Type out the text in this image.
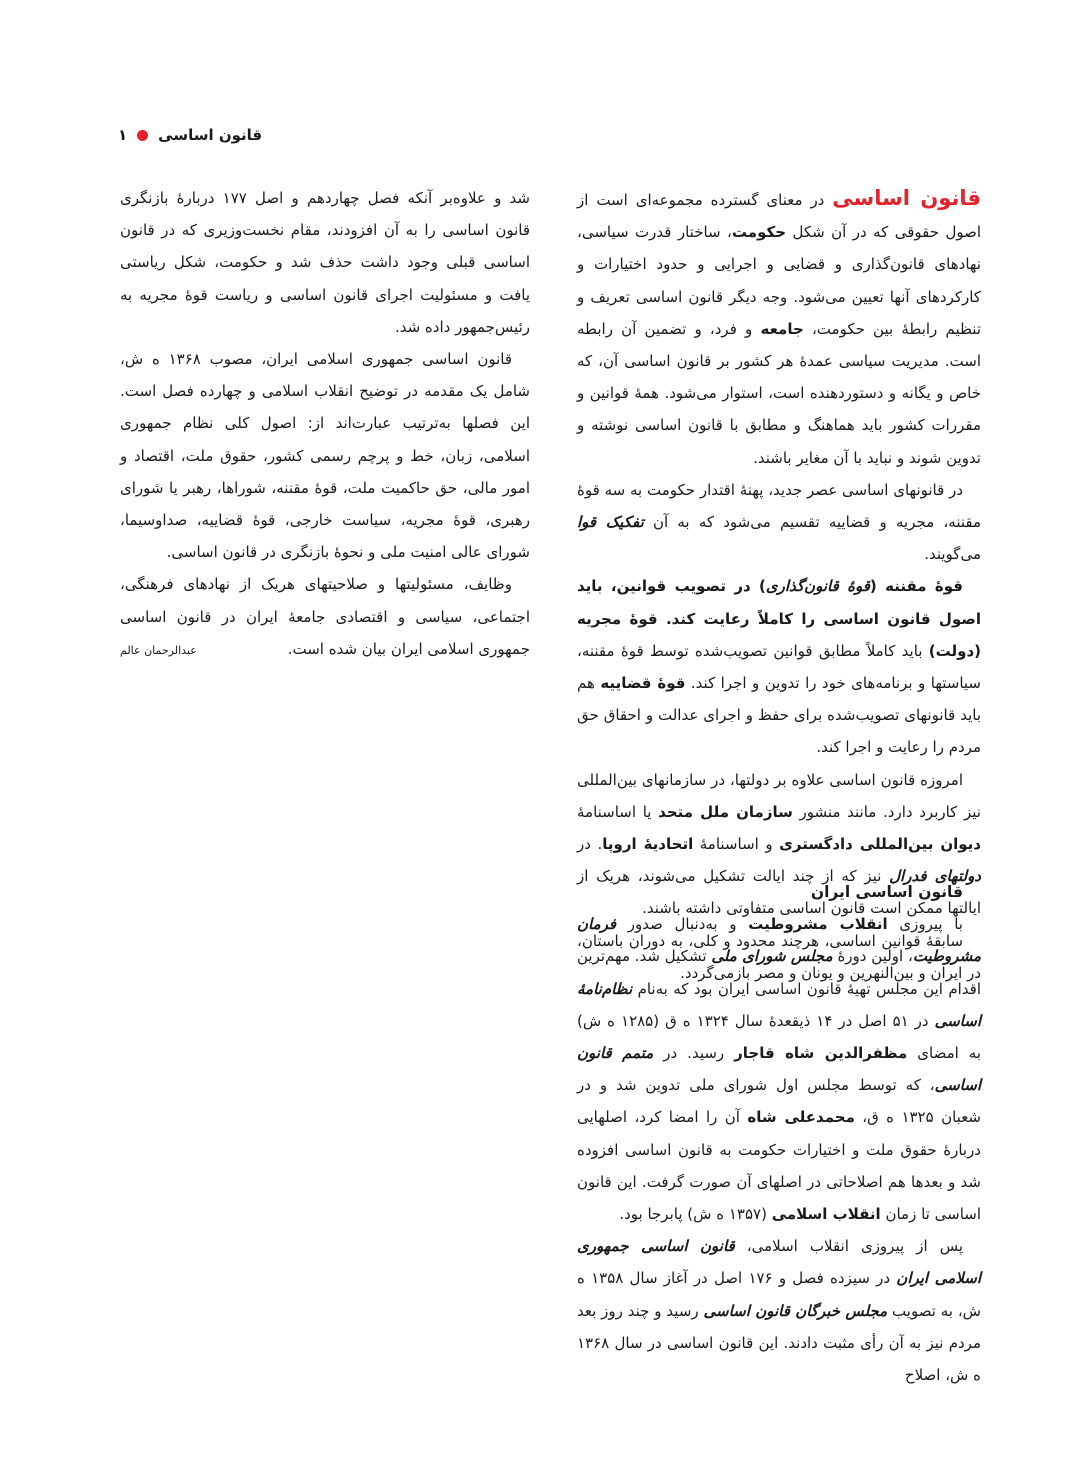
قانون اساسی
۱

قانون اساسی در معنای گسترده مجموعه‌ای است از اصول حقوقی که در آن شکل حکومت، ساختار قدرت سیاسی، نهادهای قانون‌گذاری و قضایی و اجرایی و حدود اختیارات و کارکردهای آنها تعیین می‌شود. وجه دیگر قانون اساسی تعریف و تنظیم رابطهٔ بین حکومت، جامعه و فرد، و تضمین آن رابطه است. مدیریت سیاسی عمدهٔ هر کشور بر قانون اساسی آن، که خاص و یگانه و دستوردهنده است، استوار می‌شود. همهٔ قوانین و مقررات کشور باید هماهنگ و مطابق با قانون اساسی نوشته و تدوین شوند و نباید با آن مغایر باشند.

در قانونهای اساسی عصر جدید، پهنهٔ اقتدار حکومت به سه قوهٔ مقننه، مجریه و قضاییه تقسیم می‌شود که به آن تفکیک قوا می‌گویند.

قوهٔ مقننه (قوهٔ قانون‌گذاری) در تصویب قوانین، باید اصول قانون اساسی را کاملاً رعایت کند. قوهٔ مجریه (دولت) باید کاملاً مطابق قوانین تصویب‌شده توسط قوهٔ مقننه، سیاستها و برنامه‌های خود را تدوین و اجرا کند. قوهٔ قضاییه هم باید قانونهای تصویب‌شده برای حفظ و اجرای عدالت و احقاق حق مردم را رعایت و اجرا کند.

امروزه قانون اساسی علاوه بر دولتها، در سازمانهای بین‌المللی نیز کاربرد دارد. مانند منشور سازمان ملل متحد یا اساسنامهٔ دیوان بین‌المللی دادگستری و اساسنامهٔ اتحادیهٔ اروپا. در دولتهای فدرال نیز که از چند ایالت تشکیل می‌شوند، هریک از ایالتها ممکن است قانون اساسی متفاوتی داشته باشند.

سابقهٔ قوانین اساسی، هرچند محدود و کلی، به دوران باستان، در ایران و بین‌النهرین و یونان و مصر بازمی‌گردد.

قانون اساسی ایران

با پیروزی انقلاب مشروطیت و به‌دنبال صدور فرمان مشروطیت، اولین دورهٔ مجلس شورای ملی تشکیل شد. مهم‌ترین اقدام این مجلس تهیهٔ قانون اساسی ایران بود که به‌نام نظام‌نامهٔ اساسی در ۵۱ اصل در ۱۴ ذیقعدهٔ سال ۱۳۲۴ ه‌ ق (۱۲۸۵ ه‌ ش) به امضای مظفرالدین شاه قاجار رسید. در متمم قانون اساسی، که توسط مجلس اول شورای ملی تدوین شد و در شعبان ۱۳۲۵ ه‌ ق، محمدعلی شاه آن را امضا کرد، اصلهایی دربارهٔ حقوق ملت و اختیارات حکومت به قانون اساسی افزوده شد و بعدها هم اصلاحاتی در اصلهای آن صورت گرفت. این قانون اساسی تا زمان انقلاب اسلامی (۱۳۵۷ ه‌ ش) پابرجا بود.

پس از پیروزی انقلاب اسلامی، قانون اساسی جمهوری اسلامی ایران در سیزده فصل و ۱۷۶ اصل در آغاز سال ۱۳۵۸ ه‌ ش، به تصویب مجلس خبرگان قانون اساسی رسید و چند روز بعد مردم نیز به آن رأی مثبت دادند. این قانون اساسی در سال ۱۳۶۸ ه‌ ش، اصلاح

شد و علاوه‌بر آنکه فصل چهاردهم و اصل ۱۷۷ دربارهٔ بازنگری قانون اساسی را به آن افزودند، مقام نخست‌وزیری که در قانون اساسی قبلی وجود داشت حذف شد و حکومت، شکل ریاستی یافت و مسئولیت اجرای قانون اساسی و ریاست قوهٔ مجریه به رئیس‌جمهور داده شد.

قانون اساسی جمهوری اسلامی ایران، مصوب ۱۳۶۸ ه‌ ش، شامل یک مقدمه در توضیح انقلاب اسلامی و چهارده فصل است. این فصلها به‌ترتیب عبارت‌اند از: اصول کلی نظام جمهوری اسلامی، زبان، خط و پرچم رسمی کشور، حقوق ملت، اقتصاد و امور مالی، حق حاکمیت ملت، قوهٔ مقننه، شوراها، رهبر یا شورای رهبری، قوهٔ مجریه، سیاست خارجی، قوهٔ قضاییه، صداوسیما، شورای عالی امنیت ملی و نحوهٔ بازنگری در قانون اساسی.

وظایف، مسئولیتها و صلاحیتهای هریک از نهادهای فرهنگی، اجتماعی، سیاسی و اقتصادی جامعهٔ ایران در قانون اساسی جمهوری اسلامی ایران بیان شده است.

عبدالرحمان عالم
